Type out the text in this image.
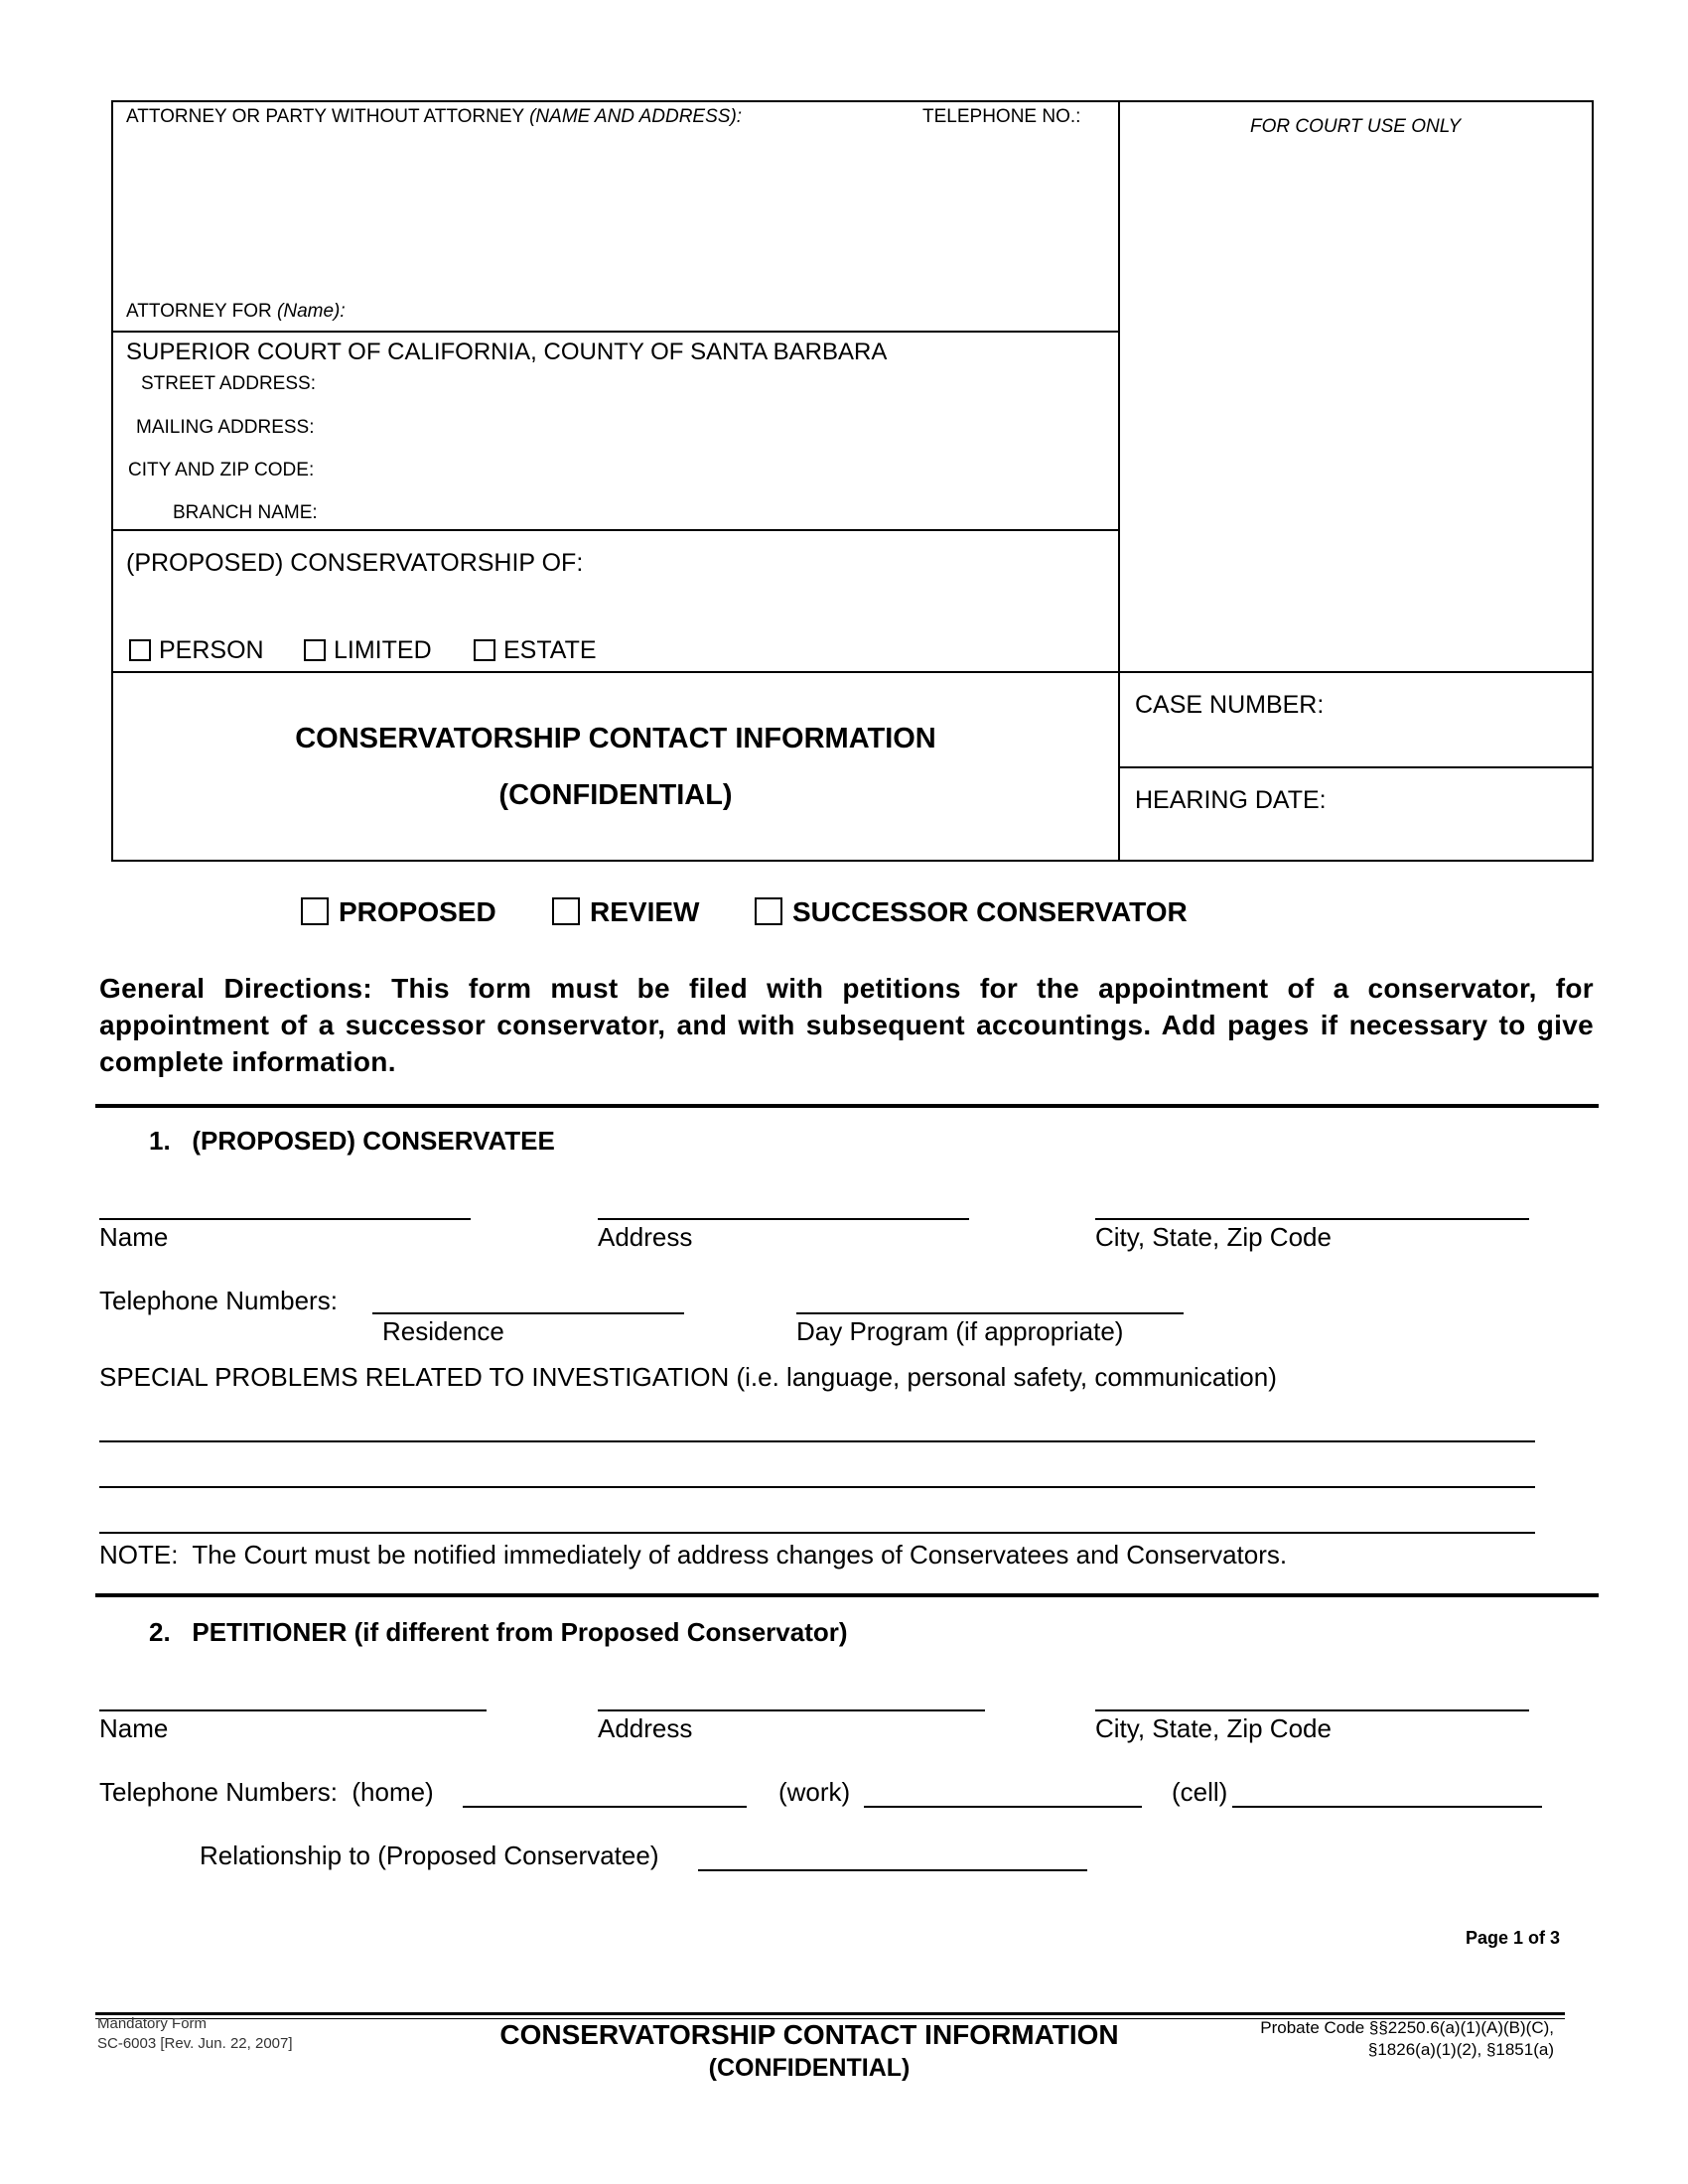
ATTORNEY OR PARTY WITHOUT ATTORNEY (NAME AND ADDRESS):	TELEPHONE NO.:
ATTORNEY FOR (Name):
FOR COURT USE ONLY
SUPERIOR COURT OF CALIFORNIA, COUNTY OF SANTA BARBARA
STREET ADDRESS:
MAILING ADDRESS:
CITY AND ZIP CODE:
BRANCH NAME:
(PROPOSED) CONSERVATORSHIP OF:
PERSON	LIMITED	ESTATE
CONSERVATORSHIP CONTACT INFORMATION
(CONFIDENTIAL)
CASE NUMBER:
HEARING DATE:
PROPOSED	REVIEW	SUCCESSOR CONSERVATOR
General Directions: This form must be filed with petitions for the appointment of a conservator, for appointment of a successor conservator, and with subsequent accountings. Add pages if necessary to give complete information.
1.   (PROPOSED) CONSERVATEE
Name	Address	City, State, Zip Code
Telephone Numbers:
Residence	Day Program (if appropriate)
SPECIAL PROBLEMS RELATED TO INVESTIGATION (i.e. language, personal safety, communication)
NOTE:  The Court must be notified immediately of address changes of Conservatees and Conservators.
2.   PETITIONER (if different from Proposed Conservator)
Name	Address	City, State, Zip Code
Telephone Numbers:  (home)	(work)	(cell)
Relationship to (Proposed Conservatee)
Page 1 of 3
Mandatory Form
SC-6003 [Rev. Jun. 22, 2007]	CONSERVATORSHIP CONTACT INFORMATION
(CONFIDENTIAL)
Probate Code §§2250.6(a)(1)(A)(B)(C),
§1826(a)(1)(2), §1851(a)
